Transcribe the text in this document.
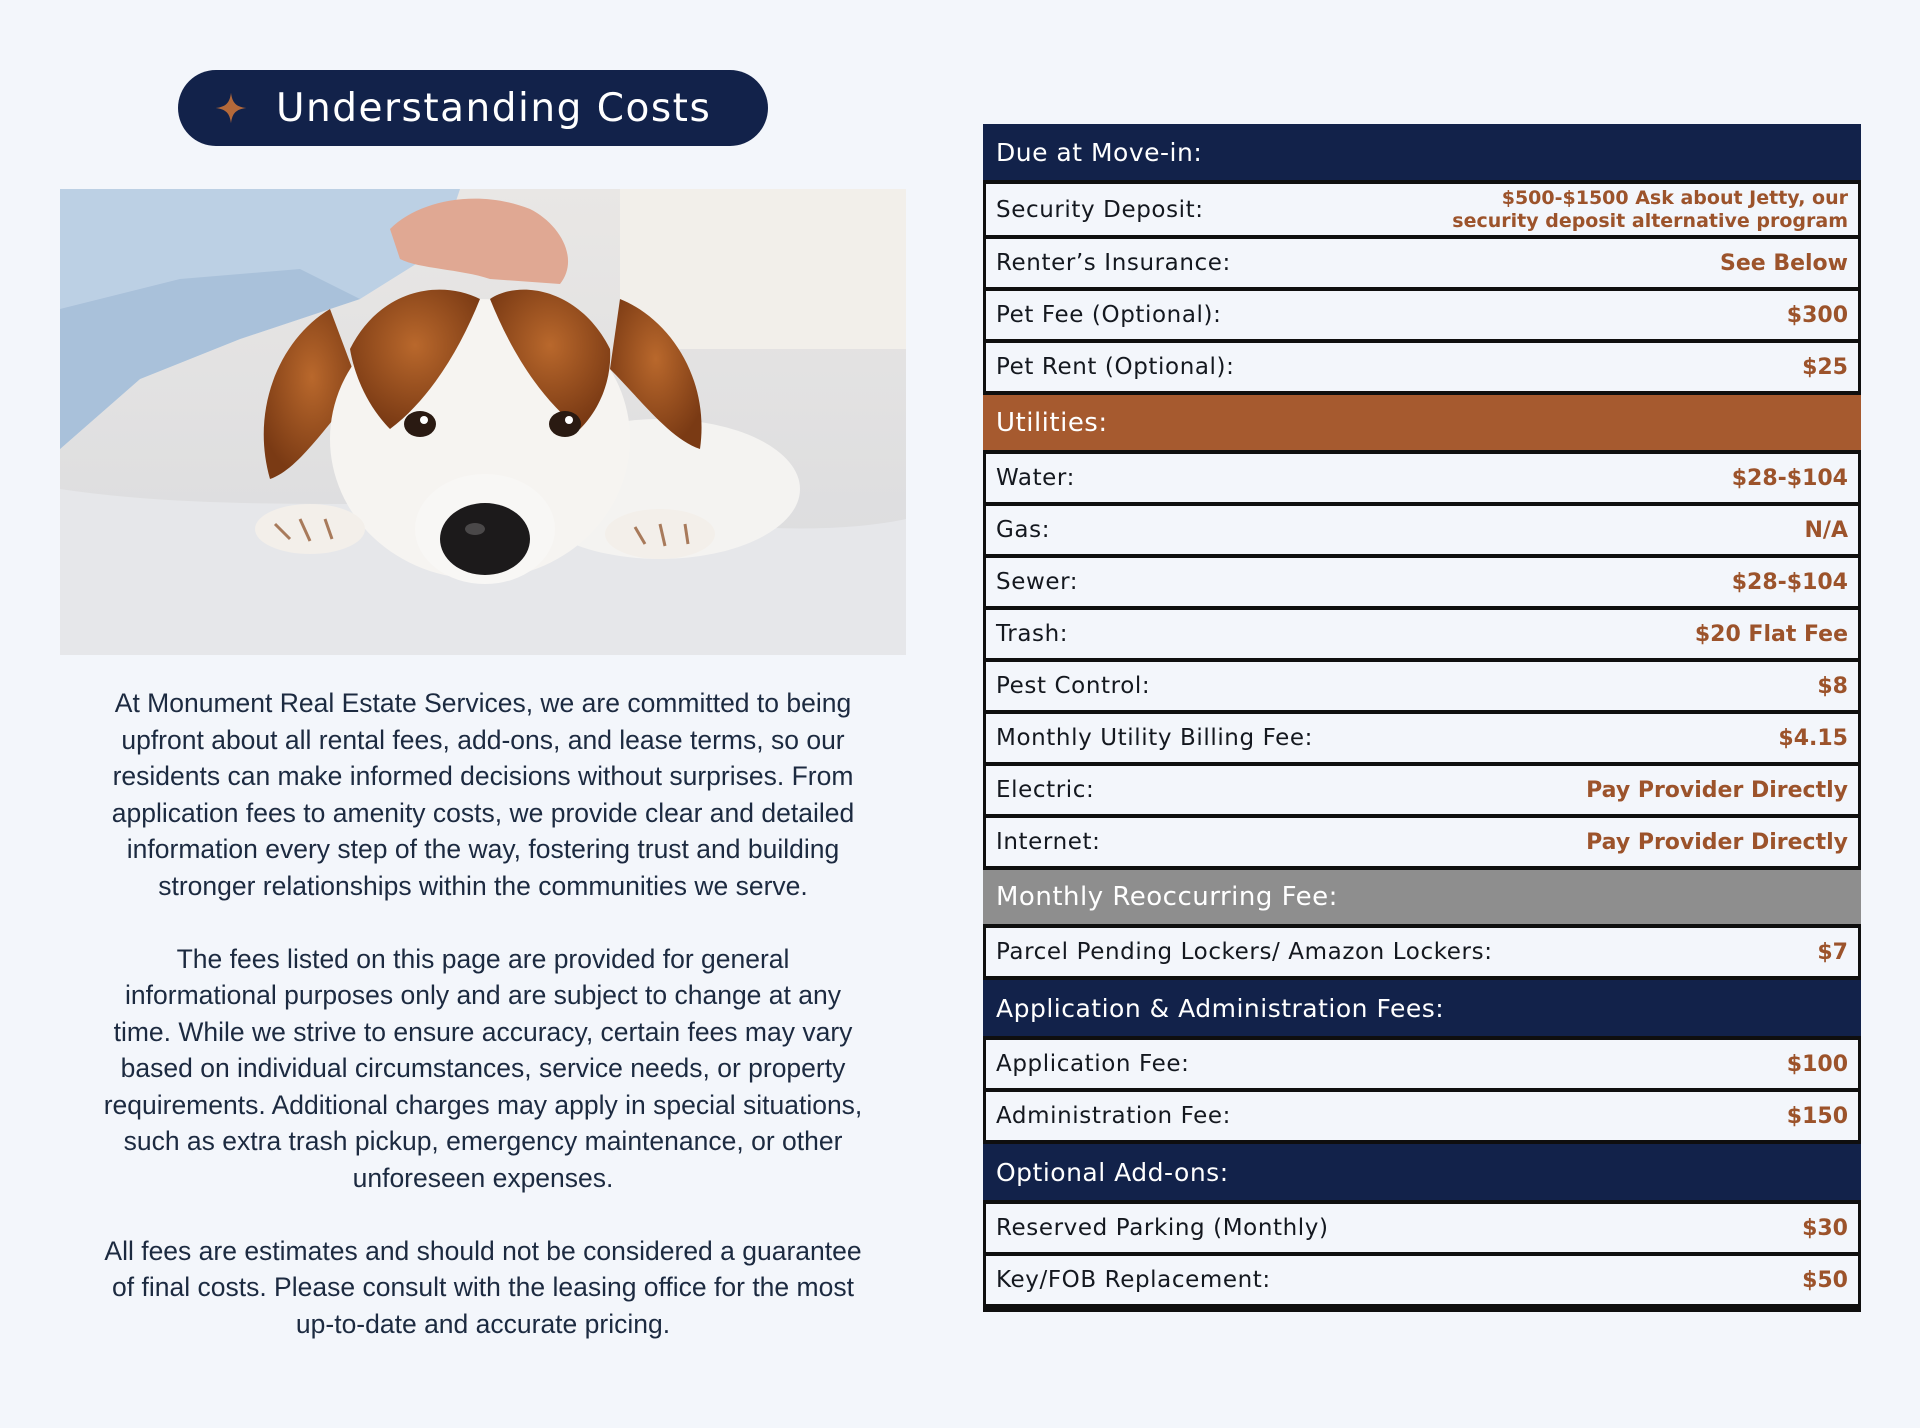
Understanding Costs

At Monument Real Estate Services, we are committed to being
upfront about all rental fees, add-ons, and lease terms, so our
residents can make informed decisions without surprises. From
application fees to amenity costs, we provide clear and detailed
information every step of the way, fostering trust and building
stronger relationships within the communities we serve.

The fees listed on this page are provided for general
informational purposes only and are subject to change at any
time. While we strive to ensure accuracy, certain fees may vary
based on individual circumstances, service needs, or property
requirements. Additional charges may apply in special situations,
such as extra trash pickup, emergency maintenance, or other
unforeseen expenses.

All fees are estimates and should not be considered a guarantee
of final costs. Please consult with the leasing office for the most
up-to-date and accurate pricing.

Due at Move-in:
Security Deposit:	$500-$1500 Ask about Jetty, our
security deposit alternative program
Renter’s Insurance:	See Below
Pet Fee (Optional):	$300
Pet Rent (Optional):	$25
Utilities:
Water:	$28-$104
Gas:	N/A
Sewer:	$28-$104
Trash:	$20 Flat Fee
Pest Control:	$8
Monthly Utility Billing Fee:	$4.15
Electric:	Pay Provider Directly
Internet:	Pay Provider Directly
Monthly Reoccurring Fee:
Parcel Pending Lockers/ Amazon Lockers:	$7
Application & Administration Fees:
Application Fee:	$100
Administration Fee:	$150
Optional Add-ons:
Reserved Parking (Monthly)	$30
Key/FOB Replacement:	$50
